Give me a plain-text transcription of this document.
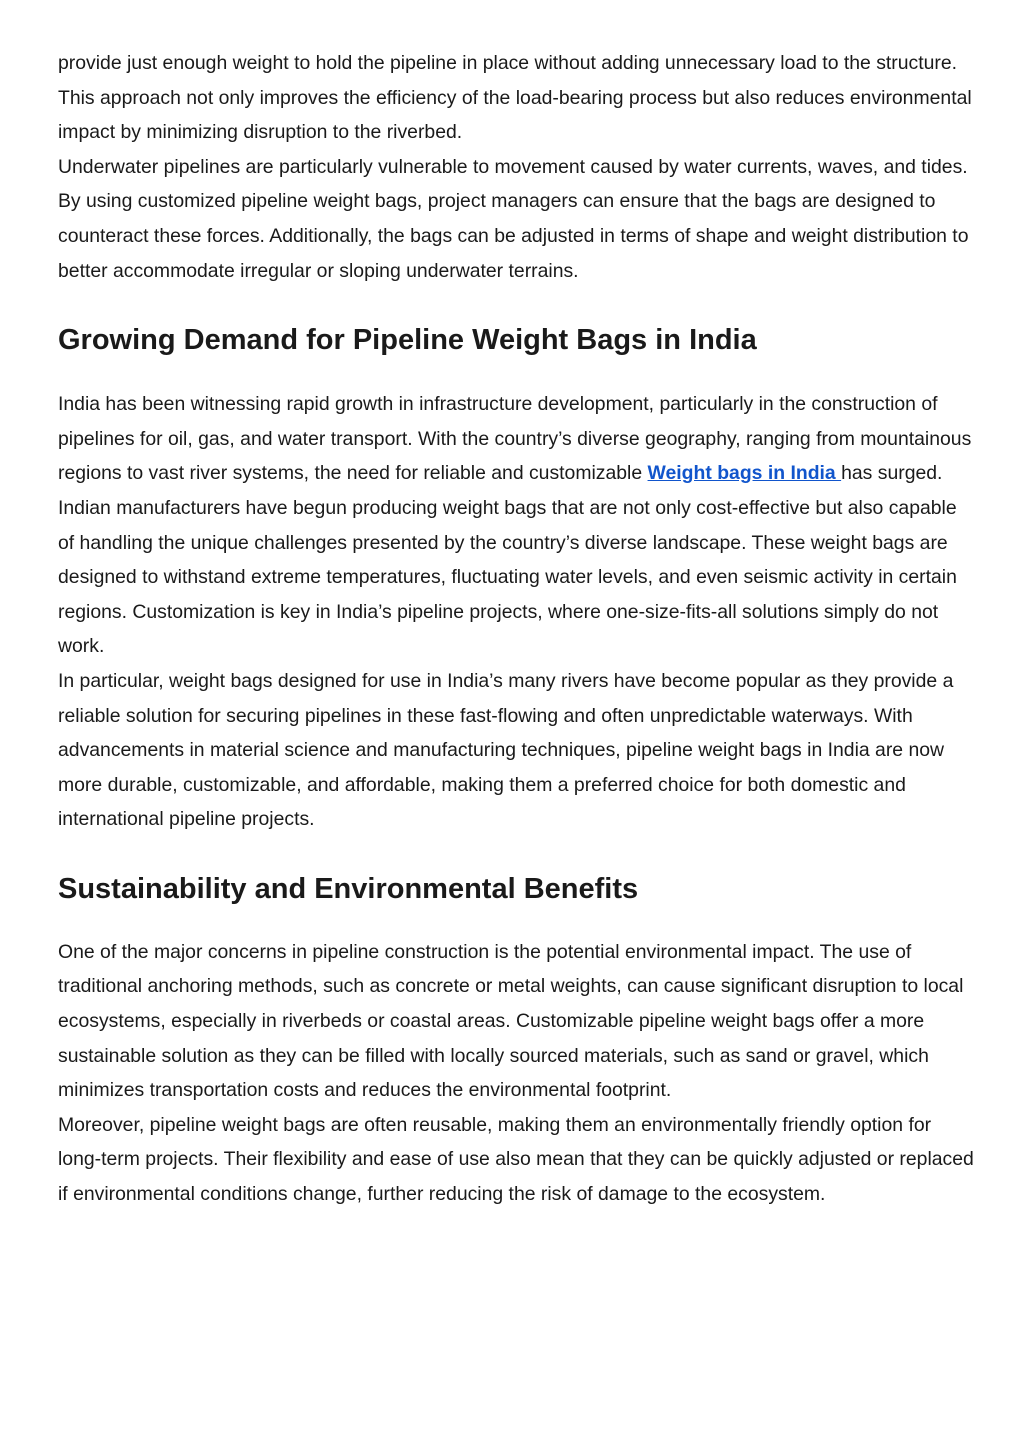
provide just enough weight to hold the pipeline in place without adding unnecessary load to the structure. This approach not only improves the efficiency of the load-bearing process but also reduces environmental impact by minimizing disruption to the riverbed.

Underwater pipelines are particularly vulnerable to movement caused by water currents, waves, and tides. By using customized pipeline weight bags, project managers can ensure that the bags are designed to counteract these forces. Additionally, the bags can be adjusted in terms of shape and weight distribution to better accommodate irregular or sloping underwater terrains.

Growing Demand for Pipeline Weight Bags in India

India has been witnessing rapid growth in infrastructure development, particularly in the construction of pipelines for oil, gas, and water transport. With the country’s diverse geography, ranging from mountainous regions to vast river systems, the need for reliable and customizable Weight bags in India has surged.

Indian manufacturers have begun producing weight bags that are not only cost-effective but also capable of handling the unique challenges presented by the country’s diverse landscape. These weight bags are designed to withstand extreme temperatures, fluctuating water levels, and even seismic activity in certain regions. Customization is key in India’s pipeline projects, where one-size-fits-all solutions simply do not work.

In particular, weight bags designed for use in India’s many rivers have become popular as they provide a reliable solution for securing pipelines in these fast-flowing and often unpredictable waterways. With advancements in material science and manufacturing techniques, pipeline weight bags in India are now more durable, customizable, and affordable, making them a preferred choice for both domestic and international pipeline projects.

Sustainability and Environmental Benefits

One of the major concerns in pipeline construction is the potential environmental impact. The use of traditional anchoring methods, such as concrete or metal weights, can cause significant disruption to local ecosystems, especially in riverbeds or coastal areas. Customizable pipeline weight bags offer a more sustainable solution as they can be filled with locally sourced materials, such as sand or gravel, which minimizes transportation costs and reduces the environmental footprint.

Moreover, pipeline weight bags are often reusable, making them an environmentally friendly option for long-term projects. Their flexibility and ease of use also mean that they can be quickly adjusted or replaced if environmental conditions change, further reducing the risk of damage to the ecosystem.
